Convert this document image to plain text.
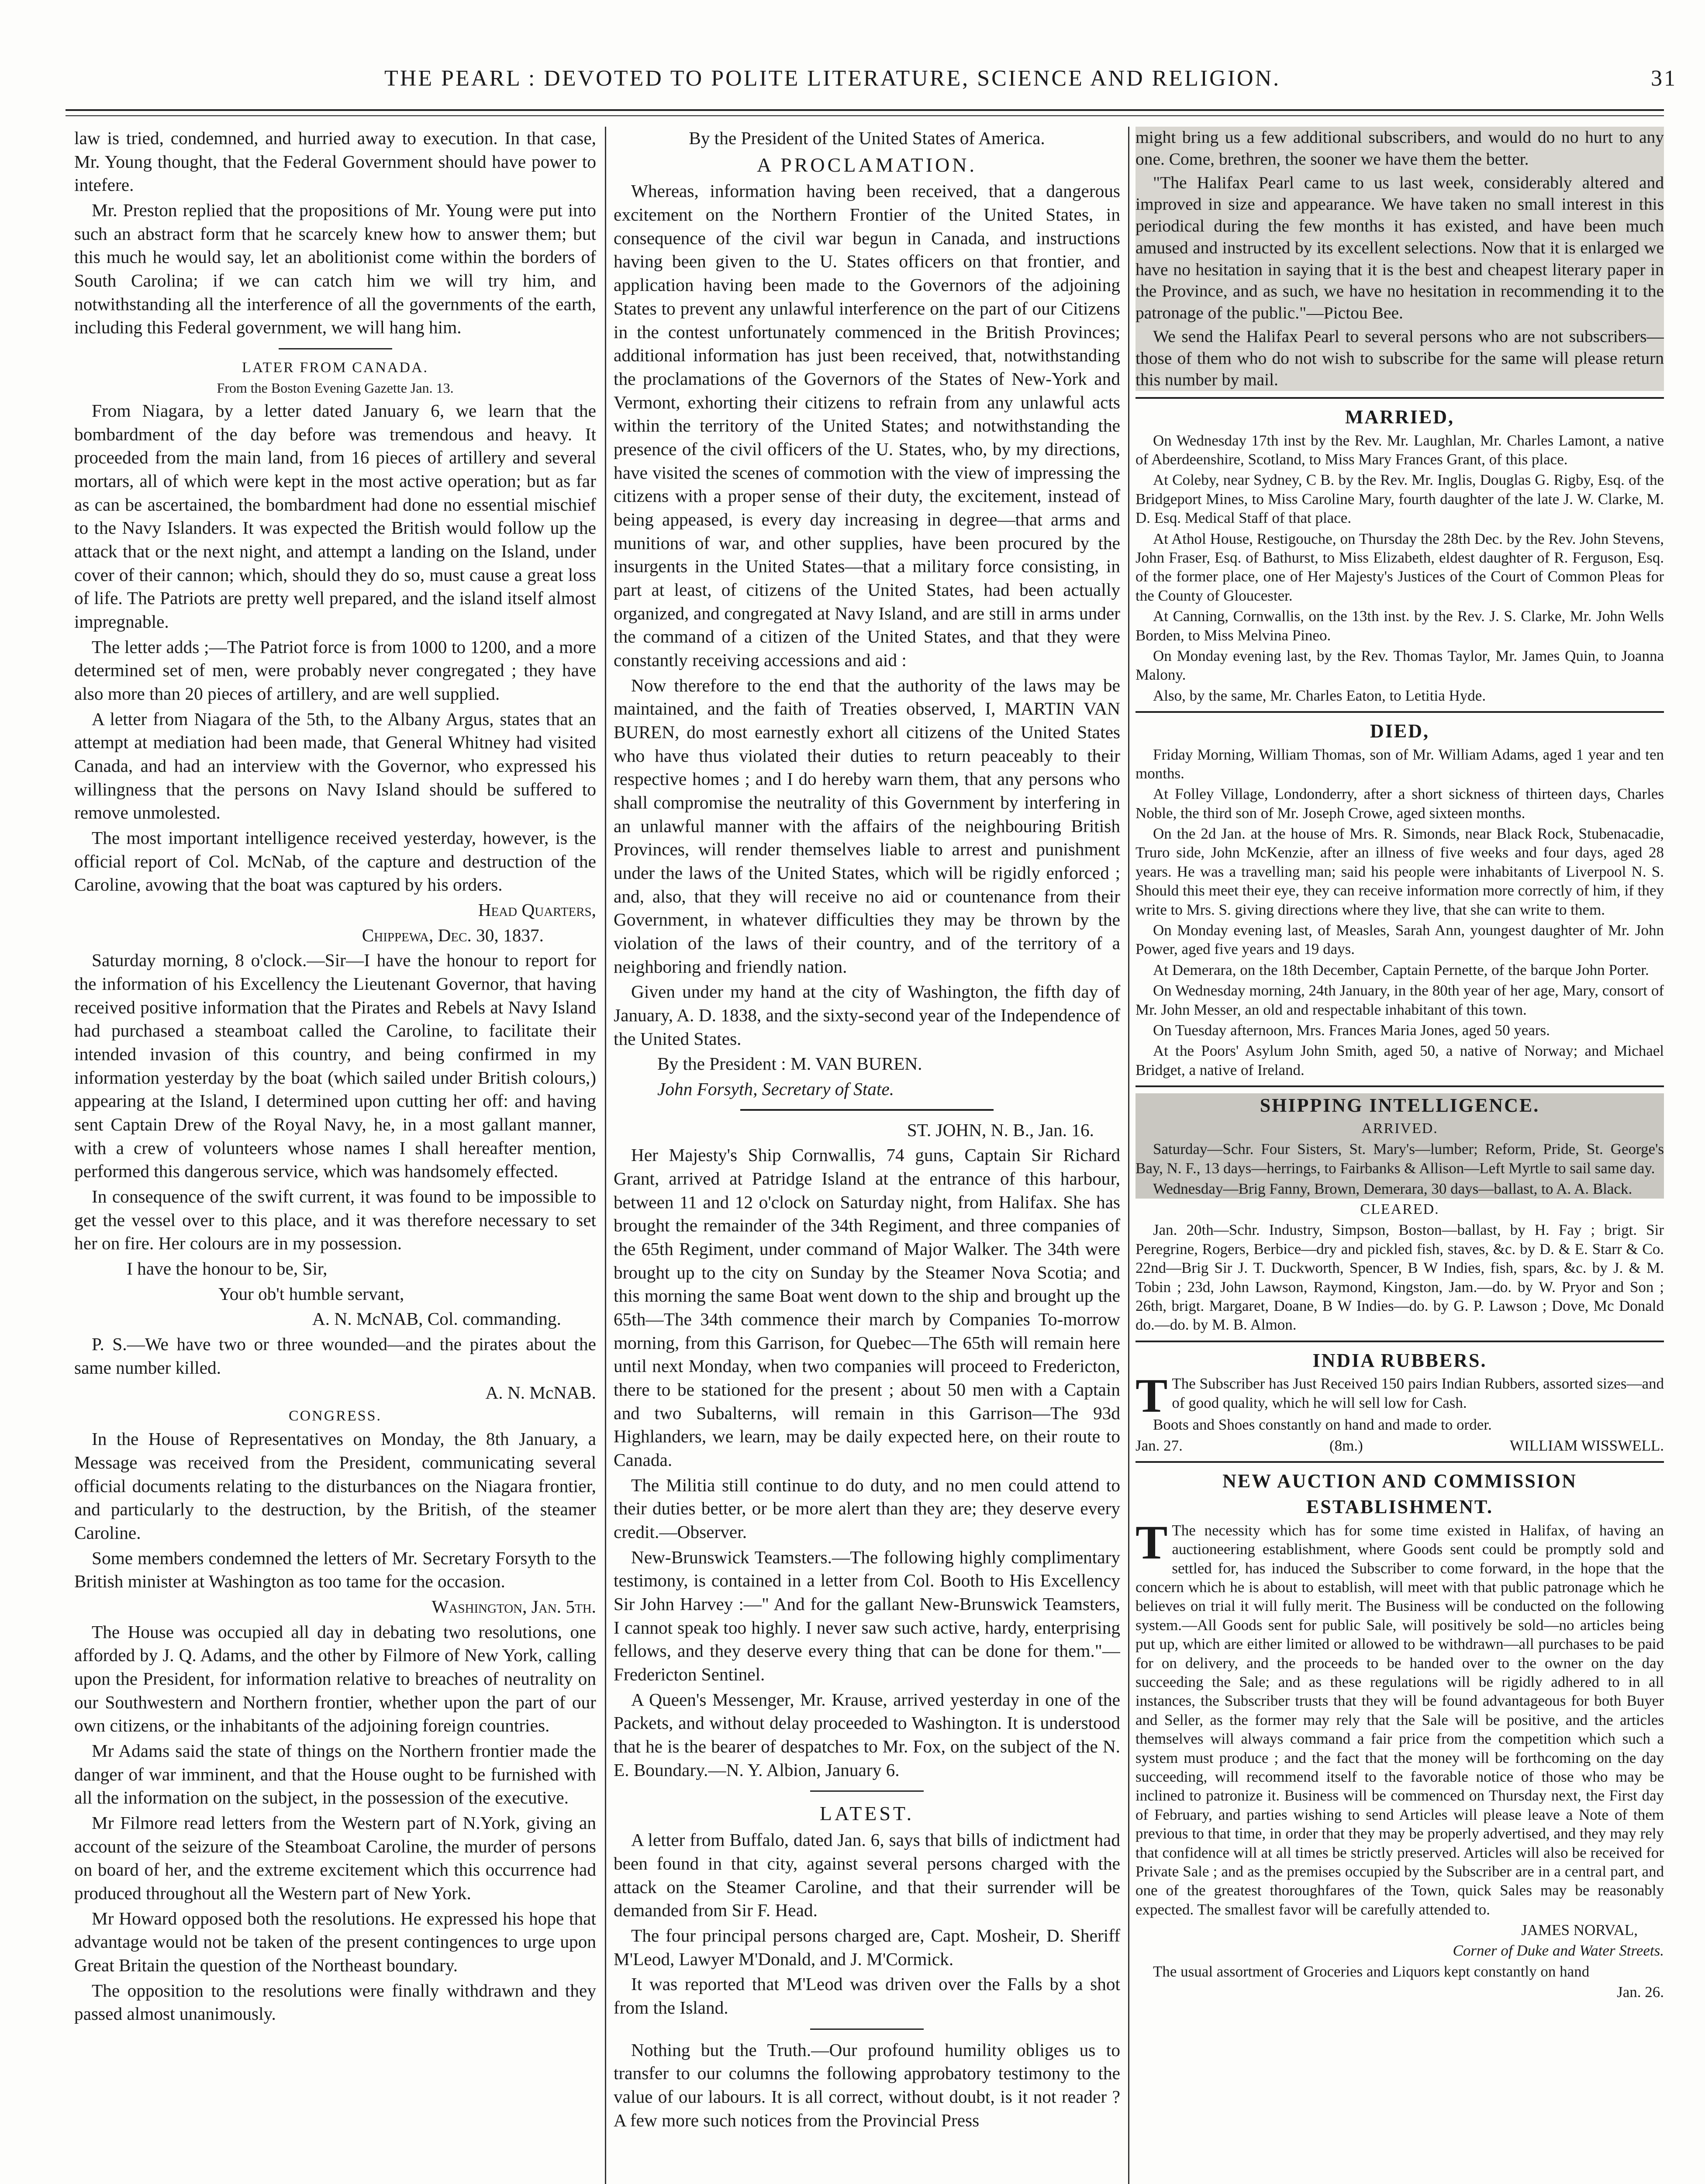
THE PEARL : DEVOTED TO POLITE LITERATURE, SCIENCE AND RELIGION.	31

law is tried, condemned, and hurried away to execution. In that case, Mr. Young thought, that the Federal Government should have power to intefere.

Mr. Preston replied that the propositions of Mr. Young were put into such an abstract form that he scarcely knew how to answer them; but this much he would say, let an abolitionist come within the borders of South Carolina; if we can catch him we will try him, and notwithstanding all the interference of all the governments of the earth, including this Federal government, we will hang him.

LATER FROM CANADA.

From the Boston Evening Gazette Jan. 13.

From Niagara, by a letter dated January 6, we learn that the bombardment of the day before was tremendous and heavy. It proceeded from the main land, from 16 pieces of artillery and several mortars, all of which were kept in the most active operation; but as far as can be ascertained, the bombardment had done no essential mischief to the Navy Islanders. It was expected the British would follow up the attack that or the next night, and attempt a landing on the Island, under cover of their cannon; which, should they do so, must cause a great loss of life. The Patriots are pretty well prepared, and the island itself almost impregnable.

The letter adds ;—The Patriot force is from 1000 to 1200, and a more determined set of men, were probably never congregated ; they have also more than 20 pieces of artillery, and are well supplied.

A letter from Niagara of the 5th, to the Albany Argus, states that an attempt at mediation had been made, that General Whitney had visited Canada, and had an interview with the Governor, who expressed his willingness that the persons on Navy Island should be suffered to remove unmolested.

The most important intelligence received yesterday, however, is the official report of Col. McNab, of the capture and destruction of the Caroline, avowing that the boat was captured by his orders.

Head Quarters,

Chippewa, Dec. 30, 1837.

Saturday morning, 8 o'clock.—Sir—I have the honour to report for the information of his Excellency the Lieutenant Governor, that having received positive information that the Pirates and Rebels at Navy Island had purchased a steamboat called the Caroline, to facilitate their intended invasion of this country, and being confirmed in my information yesterday by the boat (which sailed under British colours,) appearing at the Island, I determined upon cutting her off: and having sent Captain Drew of the Royal Navy, he, in a most gallant manner, with a crew of volunteers whose names I shall hereafter mention, performed this dangerous service, which was handsomely effected.

In consequence of the swift current, it was found to be impossible to get the vessel over to this place, and it was therefore necessary to set her on fire. Her colours are in my possession.

I have the honour to be, Sir,

Your ob't humble servant,

A. N. McNAB, Col. commanding.

P. S.—We have two or three wounded—and the pirates about the same number killed.

A. N. McNAB.

CONGRESS.

In the House of Representatives on Monday, the 8th January, a Message was received from the President, communicating several official documents relating to the disturbances on the Niagara frontier, and particularly to the destruction, by the British, of the steamer Caroline.

Some members condemned the letters of Mr. Secretary Forsyth to the British minister at Washington as too tame for the occasion.

Washington, Jan. 5th.

The House was occupied all day in debating two resolutions, one afforded by J. Q. Adams, and the other by Filmore of New York, calling upon the President, for information relative to breaches of neutrality on our Southwestern and Northern frontier, whether upon the part of our own citizens, or the inhabitants of the adjoining foreign countries.

Mr Adams said the state of things on the Northern frontier made the danger of war imminent, and that the House ought to be furnished with all the information on the subject, in the possession of the executive.

Mr Filmore read letters from the Western part of N.York, giving an account of the seizure of the Steamboat Caroline, the murder of persons on board of her, and the extreme excitement which this occurrence had produced throughout all the Western part of New York.

Mr Howard opposed both the resolutions. He expressed his hope that advantage would not be taken of the present contingences to urge upon Great Britain the question of the Northeast boundary.

The opposition to the resolutions were finally withdrawn and they passed almost unanimously.

By the President of the United States of America.

A PROCLAMATION.

Whereas, information having been received, that a dangerous excitement on the Northern Frontier of the United States, in consequence of the civil war begun in Canada, and instructions having been given to the U. States officers on that frontier, and application having been made to the Governors of the adjoining States to prevent any unlawful interference on the part of our Citizens in the contest unfortunately commenced in the British Provinces; additional information has just been received, that, notwithstanding the proclamations of the Governors of the States of New-York and Vermont, exhorting their citizens to refrain from any unlawful acts within the territory of the United States; and notwithstanding the presence of the civil officers of the U. States, who, by my directions, have visited the scenes of commotion with the view of impressing the citizens with a proper sense of their duty, the excitement, instead of being appeased, is every day increasing in degree—that arms and munitions of war, and other supplies, have been procured by the insurgents in the United States—that a military force consisting, in part at least, of citizens of the United States, had been actually organized, and congregated at Navy Island, and are still in arms under the command of a citizen of the United States, and that they were constantly receiving accessions and aid :

Now therefore to the end that the authority of the laws may be maintained, and the faith of Treaties observed, I, MARTIN VAN BUREN, do most earnestly exhort all citizens of the United States who have thus violated their duties to return peaceably to their respective homes ; and I do hereby warn them, that any persons who shall compromise the neutrality of this Government by interfering in an unlawful manner with the affairs of the neighbouring British Provinces, will render themselves liable to arrest and punishment under the laws of the United States, which will be rigidly enforced ; and, also, that they will receive no aid or countenance from their Government, in whatever difficulties they may be thrown by the violation of the laws of their country, and of the territory of a neighboring and friendly nation.

Given under my hand at the city of Washington, the fifth day of January, A. D. 1838, and the sixty-second year of the Independence of the United States.

By the President : M. VAN BUREN.

John Forsyth, Secretary of State.

ST. JOHN, N. B., Jan. 16.

Her Majesty's Ship Cornwallis, 74 guns, Captain Sir Richard Grant, arrived at Patridge Island at the entrance of this harbour, between 11 and 12 o'clock on Saturday night, from Halifax. She has brought the remainder of the 34th Regiment, and three companies of the 65th Regiment, under command of Major Walker. The 34th were brought up to the city on Sunday by the Steamer Nova Scotia; and this morning the same Boat went down to the ship and brought up the 65th—The 34th commence their march by Companies To-morrow morning, from this Garrison, for Quebec—The 65th will remain here until next Monday, when two companies will proceed to Fredericton, there to be stationed for the present ; about 50 men with a Captain and two Subalterns, will remain in this Garrison—The 93d Highlanders, we learn, may be daily expected here, on their route to Canada.

The Militia still continue to do duty, and no men could attend to their duties better, or be more alert than they are; they deserve every credit.—Observer.

New-Brunswick Teamsters.—The following highly complimentary testimony, is contained in a letter from Col. Booth to His Excellency Sir John Harvey :—" And for the gallant New-Brunswick Teamsters, I cannot speak too highly. I never saw such active, hardy, enterprising fellows, and they deserve every thing that can be done for them."—Fredericton Sentinel.

A Queen's Messenger, Mr. Krause, arrived yesterday in one of the Packets, and without delay proceeded to Washington. It is understood that he is the bearer of despatches to Mr. Fox, on the subject of the N. E. Boundary.—N. Y. Albion, January 6.

LATEST.

A letter from Buffalo, dated Jan. 6, says that bills of indictment had been found in that city, against several persons charged with the attack on the Steamer Caroline, and that their surrender will be demanded from Sir F. Head.

The four principal persons charged are, Capt. Mosheir, D. Sheriff M'Leod, Lawyer M'Donald, and J. M'Cormick.

It was reported that M'Leod was driven over the Falls by a shot from the Island.

Nothing but the Truth.—Our profound humility obliges us to transfer to our columns the following approbatory testimony to the value of our labours. It is all correct, without doubt, is it not reader ? A few more such notices from the Provincial Press

might bring us a few additional subscribers, and would do no hurt to any one. Come, brethren, the sooner we have them the better.

"The Halifax Pearl came to us last week, considerably altered and improved in size and appearance. We have taken no small interest in this periodical during the few months it has existed, and have been much amused and instructed by its excellent selections. Now that it is enlarged we have no hesitation in saying that it is the best and cheapest literary paper in the Province, and as such, we have no hesitation in recommending it to the patronage of the public."—Pictou Bee.

We send the Halifax Pearl to several persons who are not subscribers—those of them who do not wish to subscribe for the same will please return this number by mail.

MARRIED,

On Wednesday 17th inst by the Rev. Mr. Laughlan, Mr. Charles Lamont, a native of Aberdeenshire, Scotland, to Miss Mary Frances Grant, of this place.

At Coleby, near Sydney, C B. by the Rev. Mr. Inglis, Douglas G. Rigby, Esq. of the Bridgeport Mines, to Miss Caroline Mary, fourth daughter of the late J. W. Clarke, M. D. Esq. Medical Staff of that place.

At Athol House, Restigouche, on Thursday the 28th Dec. by the Rev. John Stevens, John Fraser, Esq. of Bathurst, to Miss Elizabeth, eldest daughter of R. Ferguson, Esq. of the former place, one of Her Majesty's Justices of the Court of Common Pleas for the County of Gloucester.

At Canning, Cornwallis, on the 13th inst. by the Rev. J. S. Clarke, Mr. John Wells Borden, to Miss Melvina Pineo.

On Monday evening last, by the Rev. Thomas Taylor, Mr. James Quin, to Joanna Malony.

Also, by the same, Mr. Charles Eaton, to Letitia Hyde.

DIED,

Friday Morning, William Thomas, son of Mr. William Adams, aged 1 year and ten months.

At Folley Village, Londonderry, after a short sickness of thirteen days, Charles Noble, the third son of Mr. Joseph Crowe, aged sixteen months.

On the 2d Jan. at the house of Mrs. R. Simonds, near Black Rock, Stubenacadie, Truro side, John McKenzie, after an illness of five weeks and four days, aged 28 years. He was a travelling man; said his people were inhabitants of Liverpool N. S. Should this meet their eye, they can receive information more correctly of him, if they write to Mrs. S. giving directions where they live, that she can write to them.

On Monday evening last, of Measles, Sarah Ann, youngest daughter of Mr. John Power, aged five years and 19 days.

At Demerara, on the 18th December, Captain Pernette, of the barque John Porter.

On Wednesday morning, 24th January, in the 80th year of her age, Mary, consort of Mr. John Messer, an old and respectable inhabitant of this town.

On Tuesday afternoon, Mrs. Frances Maria Jones, aged 50 years.

At the Poors' Asylum John Smith, aged 50, a native of Norway; and Michael Bridget, a native of Ireland.

SHIPPING INTELLIGENCE.

ARRIVED.

Saturday—Schr. Four Sisters, St. Mary's—lumber; Reform, Pride, St. George's Bay, N. F., 13 days—herrings, to Fairbanks & Allison—Left Myrtle to sail same day.

Wednesday—Brig Fanny, Brown, Demerara, 30 days—ballast, to A. A. Black.

CLEARED.

Jan. 20th—Schr. Industry, Simpson, Boston—ballast, by H. Fay ; brigt. Sir Peregrine, Rogers, Berbice—dry and pickled fish, staves, &c. by D. & E. Starr & Co. 22nd—Brig Sir J. T. Duckworth, Spencer, B W Indies, fish, spars, &c. by J. & M. Tobin ; 23d, John Lawson, Raymond, Kingston, Jam.—do. by W. Pryor and Son ; 26th, brigt. Margaret, Doane, B W Indies—do. by G. P. Lawson ; Dove, Mc Donald do.—do. by M. B. Almon.

INDIA RUBBERS.

T The Subscriber has Just Received 150 pairs Indian Rubbers, assorted sizes—and of good quality, which he will sell low for Cash.

Boots and Shoes constantly on hand and made to order.

Jan. 27.	(8m.)	WILLIAM WISSWELL.

NEW AUCTION AND COMMISSION

ESTABLISHMENT.

T The necessity which has for some time existed in Halifax, of having an auctioneering establishment, where Goods sent could be promptly sold and settled for, has induced the Subscriber to come forward, in the hope that the concern which he is about to establish, will meet with that public patronage which he believes on trial it will fully merit. The Business will be conducted on the following system.—All Goods sent for public Sale, will positively be sold—no articles being put up, which are either limited or allowed to be withdrawn—all purchases to be paid for on delivery, and the proceeds to be handed over to the owner on the day succeeding the Sale; and as these regulations will be rigidly adhered to in all instances, the Subscriber trusts that they will be found advantageous for both Buyer and Seller, as the former may rely that the Sale will be positive, and the articles themselves will always command a fair price from the competition which such a system must produce ; and the fact that the money will be forthcoming on the day succeeding, will recommend itself to the favorable notice of those who may be inclined to patronize it. Business will be commenced on Thursday next, the First day of February, and parties wishing to send Articles will please leave a Note of them previous to that time, in order that they may be properly advertised, and they may rely that confidence will at all times be strictly preserved. Articles will also be received for Private Sale ; and as the premises occupied by the Subscriber are in a central part, and one of the greatest thoroughfares of the Town, quick Sales may be reasonably expected. The smallest favor will be carefully attended to.

JAMES NORVAL,

Corner of Duke and Water Streets.

The usual assortment of Groceries and Liquors kept constantly on hand

Jan. 26.
